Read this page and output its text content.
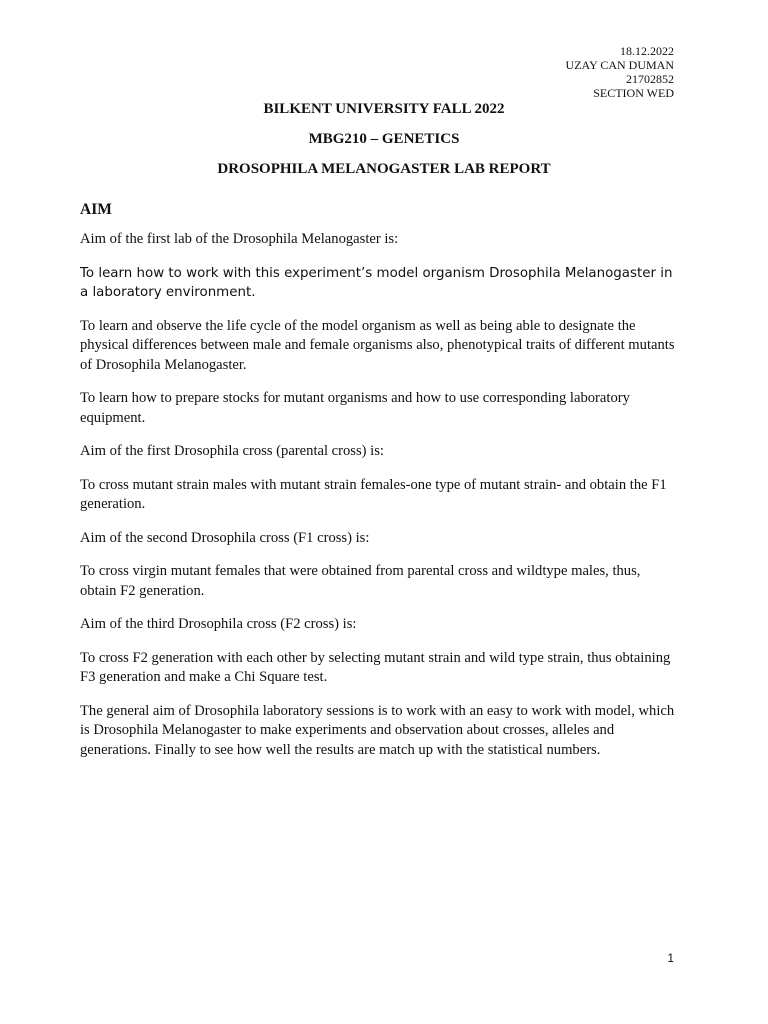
18.12.2022
UZAY CAN DUMAN
21702852
SECTION WED
BILKENT UNIVERSITY FALL 2022
MBG210 – GENETICS
DROSOPHILA MELANOGASTER LAB REPORT
AIM

Aim of the first lab of the Drosophila Melanogaster is:

To learn how to work with this experiment’s model organism Drosophila Melanogaster in a laboratory environment.

To learn and observe the life cycle of the model organism as well as being able to designate the physical differences between male and female organisms also, phenotypical traits of different mutants of Drosophila Melanogaster.

To learn how to prepare stocks for mutant organisms and how to use corresponding laboratory equipment.

Aim of the first Drosophila cross (parental cross) is:

To cross mutant strain males with mutant strain females-one type of mutant strain- and obtain the F1 generation.

Aim of the second Drosophila cross (F1 cross) is:

To cross virgin mutant females that were obtained from parental cross and wildtype males, thus, obtain F2 generation.

Aim of the third Drosophila cross (F2 cross) is:

To cross F2 generation with each other by selecting mutant strain and wild type strain, thus obtaining F3 generation and make a Chi Square test.

The general aim of Drosophila laboratory sessions is to work with an easy to work with model, which is Drosophila Melanogaster to make experiments and observation about crosses, alleles and generations. Finally to see how well the results are match up with the statistical numbers.

1
